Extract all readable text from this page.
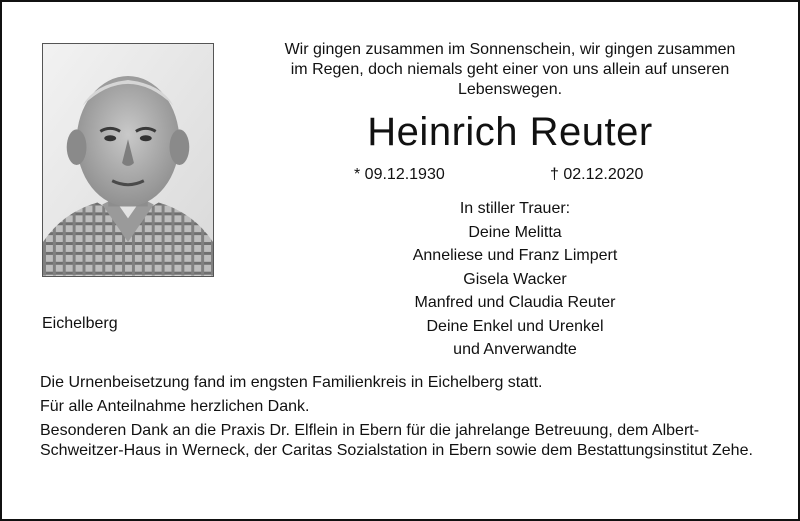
Wir gingen zusammen im Sonnenschein, wir gingen zusammen
im Regen, doch niemals geht einer von uns allein auf unseren
Lebenswegen.
Heinrich Reuter
* 09.12.1930	† 02.12.2020
In stiller Trauer:
Deine Melitta
Anneliese und Franz Limpert
Gisela Wacker
Manfred und Claudia Reuter
Deine Enkel und Urenkel
und Anverwandte
Eichelberg

Die Urnenbeisetzung fand im engsten Familienkreis in Eichelberg statt.

Für alle Anteilnahme herzlichen Dank.

Besonderen Dank an die Praxis Dr. Elflein in Ebern für die jahrelange Betreuung, dem Albert-Schweitzer-Haus in Werneck, der Caritas Sozialstation in Ebern sowie dem Bestattungsinstitut Zehe.
